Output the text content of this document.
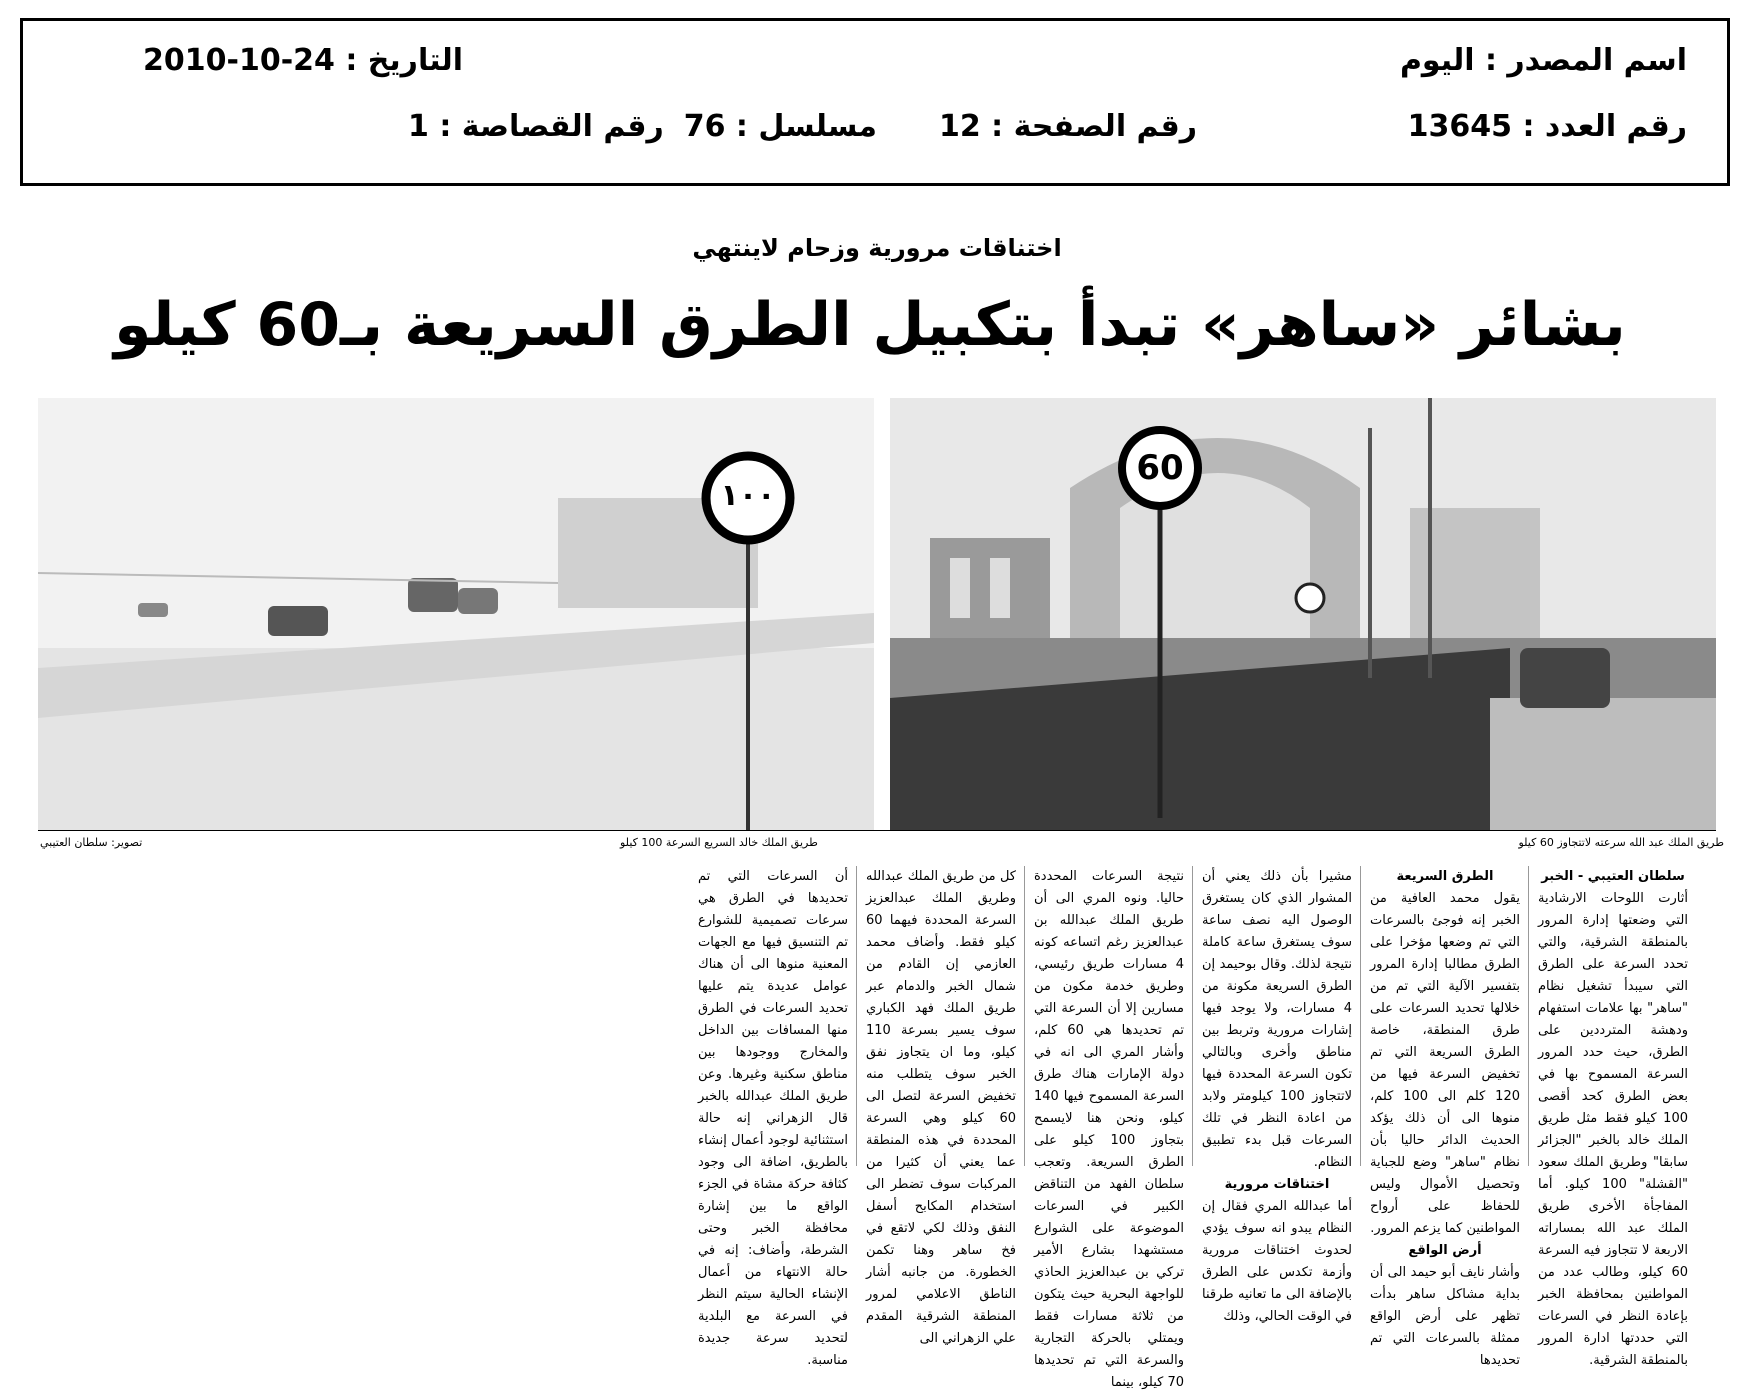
اسم المصدر : اليوم
التاريخ : 24-10-2010
رقم العدد : 13645
رقم الصفحة : 12
مسلسل : 76
رقم القصاصة : 1
اختناقات مرورية وزحام لاينتهي
بشائر «ساهر» تبدأ بتكبيل الطرق السريعة بـ60 كيلو
١٠٠
60
طريق الملك خالد السريع السرعة 100 كيلو
تصوير: سلطان العتيبي	طريق الملك عبد الله سرعته لاتتجاوز 60 كيلو
سلطان العتيبي - الخبر
أثارت اللوحات الارشادية التي وضعتها إدارة المرور بالمنطقة الشرقية، والتي تحدد السرعة على الطرق التي سيبدأ تشغيل نظام "ساهر" بها علامات استفهام ودهشة المترددين على الطرق، حيث حدد المرور السرعة المسموح بها في بعض الطرق كحد أقصى 100 كيلو فقط مثل طريق الملك خالد بالخبر "الجزائر سابقا" وطريق الملك سعود "القشلة" 100 كيلو. أما المفاجأة الأخرى طريق الملك عبد الله بمساراته الاربعة لا تتجاوز فيه السرعة 60 كيلو، وطالب عدد من المواطنين بمحافظة الخبر بإعادة النظر في السرعات التي حددتها ادارة المرور بالمنطقة الشرقية.
الطرق السريعة
يقول محمد العافية من الخبر إنه فوجئ بالسرعات التي تم وضعها مؤخرا على الطرق مطالبا إدارة المرور بتفسير الآلية التي تم من خلالها تحديد السرعات على طرق المنطقة، خاصة الطرق السريعة التي تم تخفيض السرعة فيها من 120 كلم الى 100 كلم، منوها الى أن ذلك يؤكد الحديث الدائر حاليا بأن نظام "ساهر" وضع للجباية وتحصيل الأموال وليس للحفاظ على أرواح المواطنين كما يزعم المرور.
أرض الواقع
وأشار نايف أبو حيمد الى أن بداية مشاكل ساهر بدأت تظهر على أرض الواقع ممثلة بالسرعات التي تم تحديدها
مشيرا بأن ذلك يعني أن المشوار الذي كان يستغرق الوصول اليه نصف ساعة سوف يستغرق ساعة كاملة نتيجة لذلك. وقال بوحيمد إن الطرق السريعة مكونة من 4 مسارات، ولا يوجد فيها إشارات مرورية وتربط بين مناطق وأخرى وبالتالي تكون السرعة المحددة فيها لاتتجاوز 100 كيلومتر ولابد من اعادة النظر في تلك السرعات قبل بدء تطبيق النظام.
اختناقات مرورية
أما عبدالله المري فقال إن النظام يبدو انه سوف يؤدي لحدوث اختناقات مرورية وأزمة تكدس على الطرق بالإضافة الى ما تعانيه طرقنا في الوقت الحالي، وذلك
نتيجة السرعات المحددة حاليا. ونوه المري الى أن طريق الملك عبدالله بن عبدالعزيز رغم اتساعه كونه 4 مسارات طريق رئيسي، وطريق خدمة مكون من مسارين إلا أن السرعة التي تم تحديدها هي 60 كلم، وأشار المري الى انه في دولة الإمارات هناك طرق السرعة المسموح فيها 140 كيلو، ونحن هنا لايسمح بتجاوز 100 كيلو على الطرق السريعة. وتعجب سلطان الفهد من التناقض الكبير في السرعات الموضوعة على الشوارع مستشهدا بشارع الأمير تركي بن عبدالعزيز الحاذي للواجهة البحرية حيث يتكون من ثلاثة مسارات فقط ويمتلي بالحركة التجارية والسرعة التي تم تحديدها 70 كيلو، بينما
كل من طريق الملك عبدالله وطريق الملك عبدالعزيز السرعة المحددة فيهما 60 كيلو فقط. وأضاف محمد العازمي إن القادم من شمال الخبر والدمام عبر طريق الملك فهد الكباري سوف يسير بسرعة 110 كيلو، وما ان يتجاوز نفق الخبر سوف يتطلب منه تخفيض السرعة لتصل الى 60 كيلو وهي السرعة المحددة في هذه المنطقة عما يعني أن كثيرا من المركبات سوف تضطر الى استخدام المكابح أسفل النفق وذلك لكي لاتقع في فخ ساهر وهنا تكمن الخطورة. من جانبه أشار الناطق الاعلامي لمرور المنطقة الشرقية المقدم علي الزهراني الى
أن السرعات التي تم تحديدها في الطرق هي سرعات تصميمية للشوارع تم التنسيق فيها مع الجهات المعنية منوها الى أن هناك عوامل عديدة يتم عليها تحديد السرعات في الطرق منها المسافات بين الداخل والمخارج ووجودها بين مناطق سكنية وغيرها. وعن طريق الملك عبدالله بالخبر قال الزهراني إنه حالة استثنائية لوجود أعمال إنشاء بالطريق، اضافة الى وجود كثافة حركة مشاة في الجزء الواقع ما بين إشارة محافظة الخبر وحتى الشرطة، وأضاف: إنه في حالة الانتهاء من أعمال الإنشاء الحالية سيتم النظر في السرعة مع البلدية لتحديد سرعة جديدة مناسبة.
